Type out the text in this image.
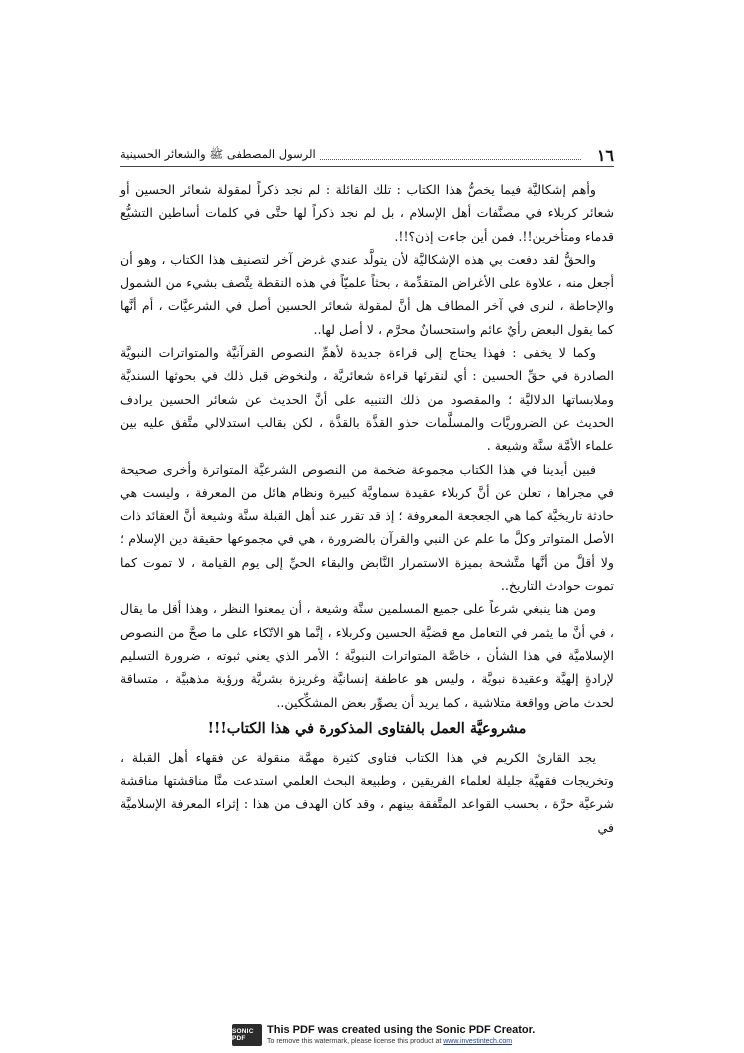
١٦
الرسول المصطفى ﷺ والشعائر الحسينية

وأهم إشكاليَّة فيما يخصُّ هذا الكتاب : تلك القائلة : لم نجد ذكراً لمقولة شعائر الحسين أو شعائر كربلاء في مصنَّفات أهل الإسلام ، بل لم نجد ذكراً لها حتَّى في كلمات أساطين التشيُّع قدماء ومتأخرين!!. فمن أين جاءت إذن؟!!.

والحقُّ لقد دفعت بي هذه الإشكاليَّة لأن يتولَّد عندي غرض آخر لتصنيف هذا الكتاب ، وهو أن أجعل منه ، علاوة على الأغراض المتقدِّمة ، بحثاً علميّاً في هذه النقطة يتَّصف بشيء من الشمول والإحاطة ، لنرى في آخر المطاف هل أنَّ لمقولة شعائر الحسين أصل في الشرعيَّات ، أم أنَّها كما يقول البعض رأيٌ عائم واستحسانٌ محرَّم ، لا أصل لها..

وكما لا يخفى : فهذا يحتاج إلى قراءة جديدة لأهمِّ النصوص القرآنيَّة والمتواترات النبويَّة الصادرة في حقِّ الحسين : أي لنقرئها قراءة شعائريَّة ، ولنخوض قبل ذلك في بحوثها السنديَّة وملابساتها الدلاليَّة ؛ والمقصود من ذلك التنبيه على أنَّ الحديث عن شعائر الحسين يرادف الحديث عن الضروريَّات والمسلَّمات حذو القذَّة بالقذَّة ، لكن بقالب استدلالي متَّفق عليه بين علماء الأمَّة سنَّة وشيعة .

فبين أيدينا في هذا الكتاب مجموعة ضخمة من النصوص الشرعيَّة المتواترة وأخرى صحيحة في مجراها ، تعلن عن أنَّ كربلاء عقيدة سماويَّة كبيرة ونظام هائل من المعرفة ، وليست هي حادثة تاريخيَّة كما هي الجعجعة المعروفة ؛ إذ قد تقرر عند أهل القبلة سنَّة وشيعة أنَّ العقائد ذات الأصل المتواتر وكلَّ ما علم عن النبي والقرآن بالضرورة ، هي في مجموعها حقيقة دين الإسلام ؛ ولا أقلَّ من أنَّها متَّشحة بميزة الاستمرار النَّابض والبقاء الحيِّ إلى يوم القيامة ، لا تموت كما تموت حوادث التاريخ..

ومن هنا ينبغي شرعاً على جميع المسلمين سنَّة وشيعة ، أن يمعنوا النظر ، وهذا أقل ما يقال ، في أنَّ ما يثمر في التعامل مع قضيَّة الحسين وكربلاء ، إنَّما هو الاتّكاء على ما صحَّ من النصوص الإسلاميَّة في هذا الشأن ، خاصَّة المتواترات النبويَّة ؛ الأمر الذي يعني ثبوته ، ضرورة التسليم لإرادةٍ إلهيَّة وعقيدة نبويَّة ، وليس هو عاطفة إنسانيَّة وغريزة بشريَّة ورؤية مذهبيَّة ، متساقة لحدث ماض وواقعة متلاشية ، كما يريد أن يصوِّر بعض المشكِّكين..

مشروعيَّة العمل بالفتاوى المذكورة في هذا الكتاب!!!

يجد القارئ الكريم في هذا الكتاب فتاوى كثيرة مهمَّة منقولة عن فقهاء أهل القبلة ، وتخريجات فقهيَّة جليلة لعلماء الفريقين ، وطبيعة البحث العلمي استدعت منَّا مناقشتها مناقشة شرعيَّة حرَّة ، بحسب القواعد المتَّفقة بينهم ، وقد كان الهدف من هذا : إثراء المعرفة الإسلاميَّة في

SONIC PDF
This PDF was created using the Sonic PDF Creator.
To remove this watermark, please license this product at www.investintech.com
